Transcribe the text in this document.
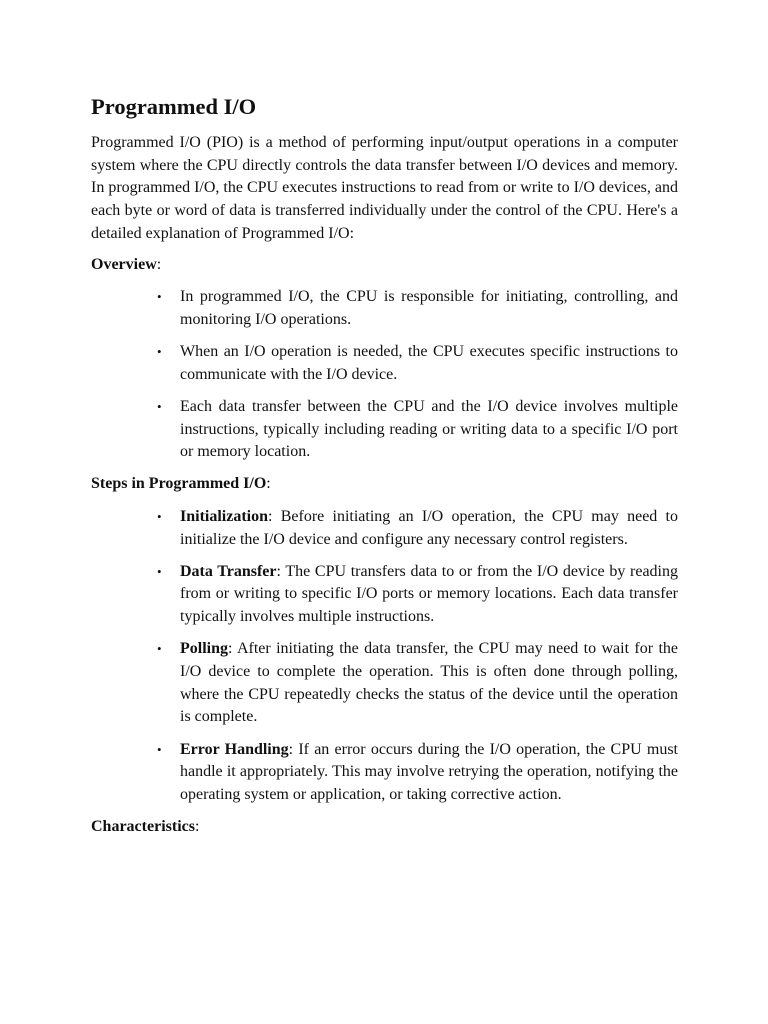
Programmed I/O

Programmed I/O (PIO) is a method of performing input/output operations in a computer system where the CPU directly controls the data transfer between I/O devices and memory. In programmed I/O, the CPU executes instructions to read from or write to I/O devices, and each byte or word of data is transferred individually under the control of the CPU. Here's a detailed explanation of Programmed I/O:

Overview:
• In programmed I/O, the CPU is responsible for initiating, controlling, and monitoring I/O operations.
• When an I/O operation is needed, the CPU executes specific instructions to communicate with the I/O device.
• Each data transfer between the CPU and the I/O device involves multiple instructions, typically including reading or writing data to a specific I/O port or memory location.
Steps in Programmed I/O:
• Initialization: Before initiating an I/O operation, the CPU may need to initialize the I/O device and configure any necessary control registers.
• Data Transfer: The CPU transfers data to or from the I/O device by reading from or writing to specific I/O ports or memory locations. Each data transfer typically involves multiple instructions.
• Polling: After initiating the data transfer, the CPU may need to wait for the I/O device to complete the operation. This is often done through polling, where the CPU repeatedly checks the status of the device until the operation is complete.
• Error Handling: If an error occurs during the I/O operation, the CPU must handle it appropriately. This may involve retrying the operation, notifying the operating system or application, or taking corrective action.
Characteristics:
